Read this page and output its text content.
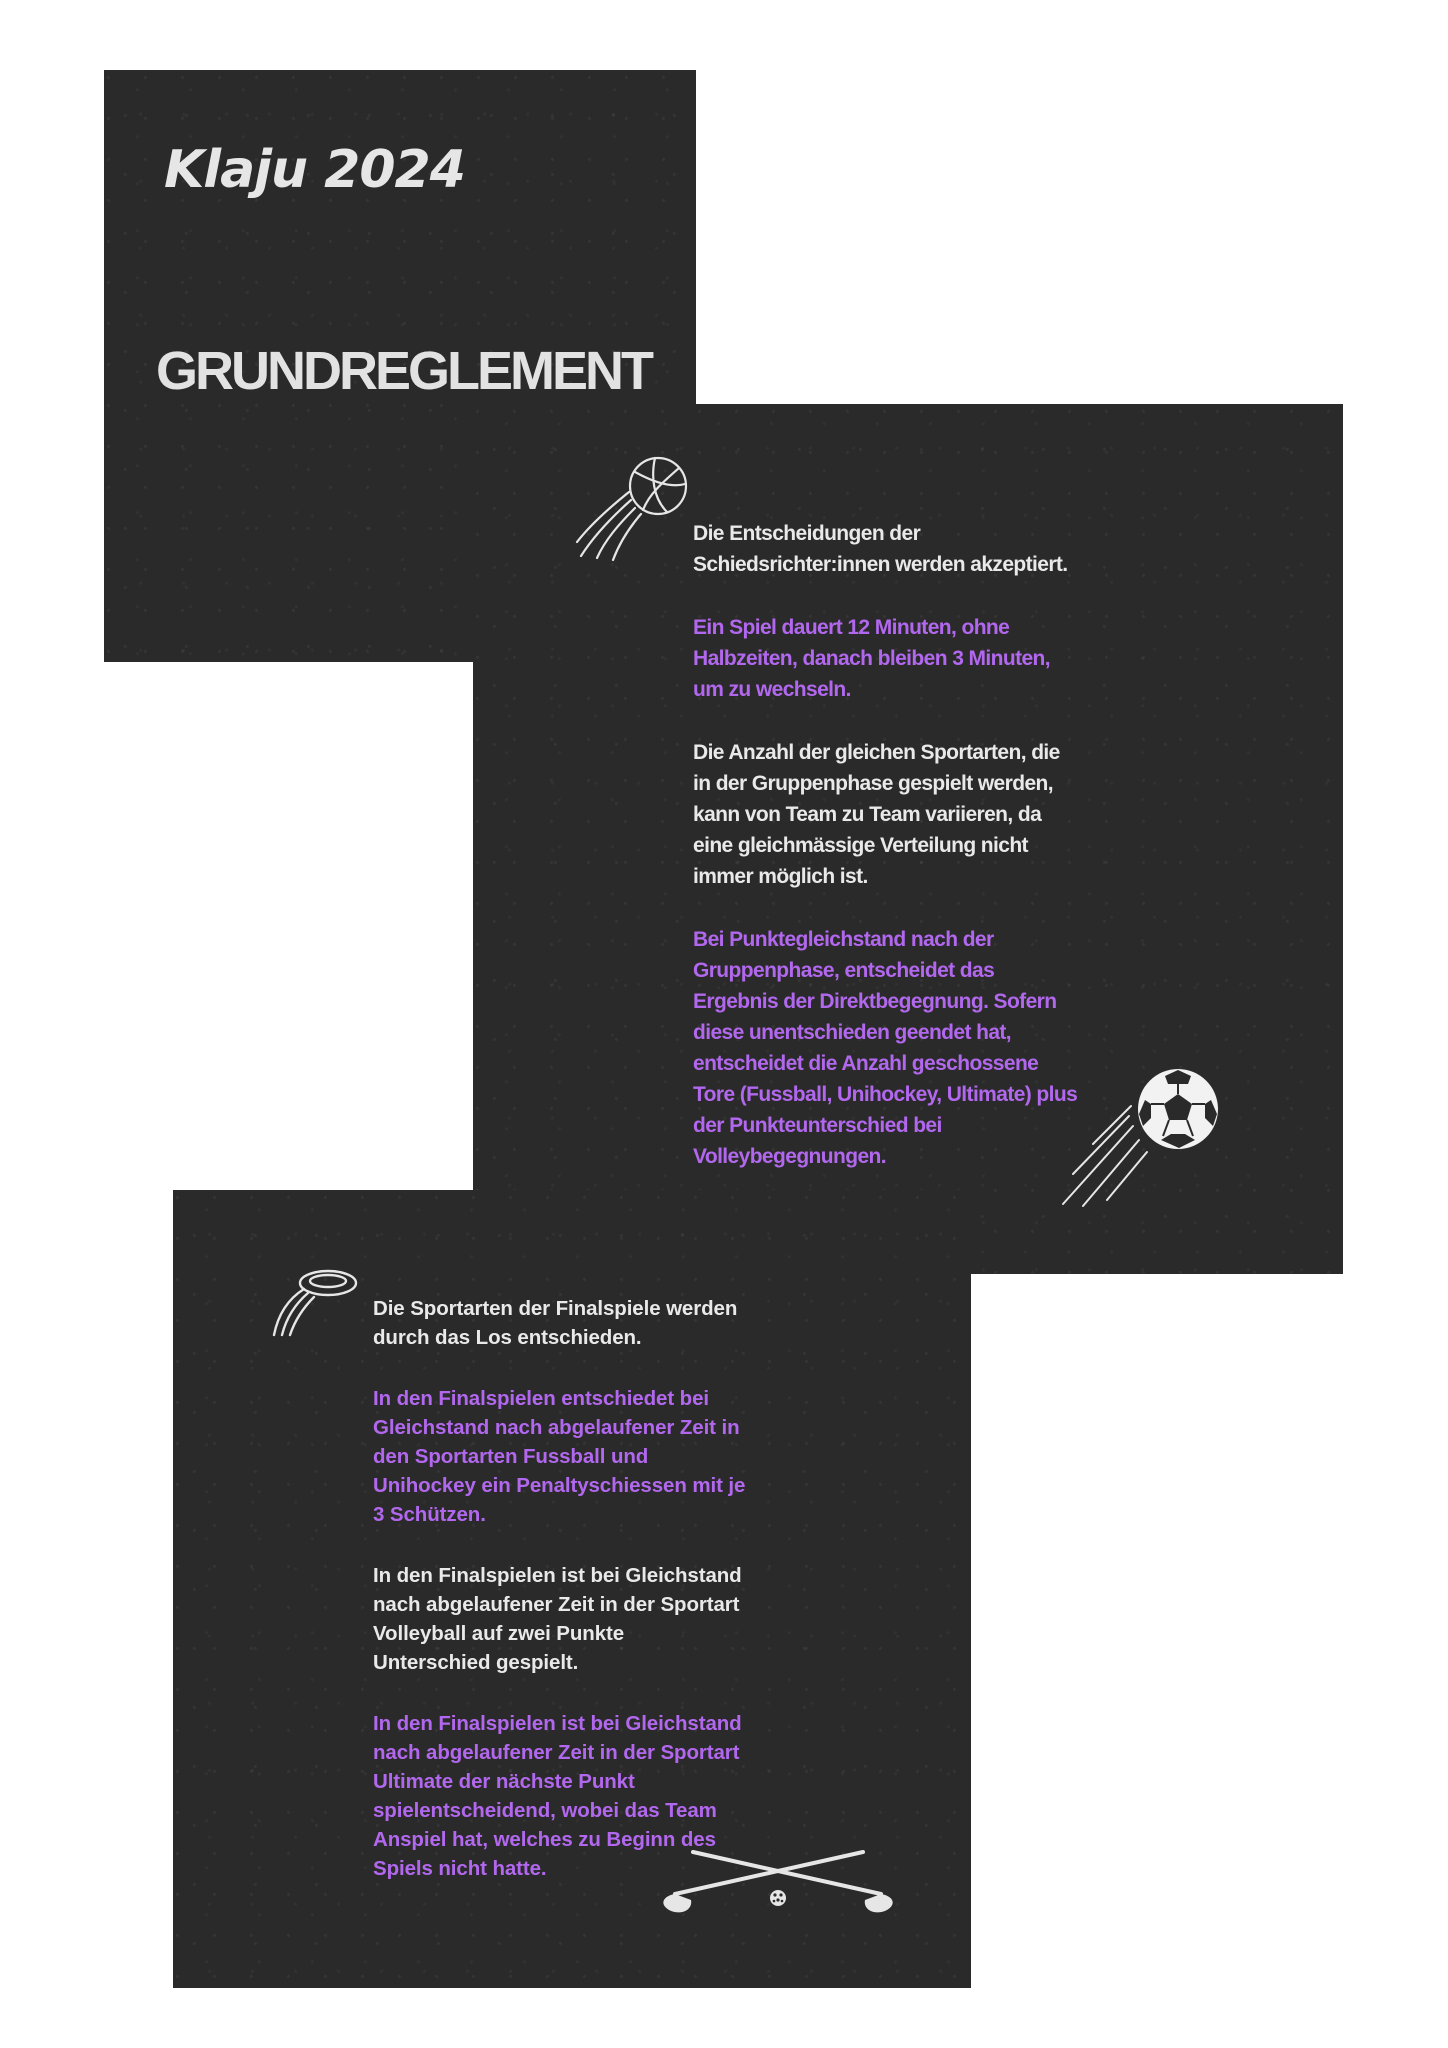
Klaju 2024
GRUNDREGLEMENT

Die Entscheidungen der
Schiedsrichter:innen werden akzeptiert.

Ein Spiel dauert 12 Minuten, ohne
Halbzeiten, danach bleiben 3 Minuten,
um zu wechseln.

Die Anzahl der gleichen Sportarten, die
in der Gruppenphase gespielt werden,
kann von Team zu Team variieren, da
eine gleichmässige Verteilung nicht
immer möglich ist.

Bei Punktegleichstand nach der
Gruppenphase, entscheidet das
Ergebnis der Direktbegegnung. Sofern
diese unentschieden geendet hat,
entscheidet die Anzahl geschossene
Tore (Fussball, Unihockey, Ultimate) plus
der Punkteunterschied bei
Volleybegegnungen.

Die Sportarten der Finalspiele werden
durch das Los entschieden.

In den Finalspielen entschiedet bei
Gleichstand nach abgelaufener Zeit in
den Sportarten Fussball und
Unihockey ein Penaltyschiessen mit je
3 Schützen.

In den Finalspielen ist bei Gleichstand
nach abgelaufener Zeit in der Sportart
Volleyball auf zwei Punkte
Unterschied gespielt.

In den Finalspielen ist bei Gleichstand
nach abgelaufener Zeit in der Sportart
Ultimate der nächste Punkt
spielentscheidend, wobei das Team
Anspiel hat, welches zu Beginn des
Spiels nicht hatte.
